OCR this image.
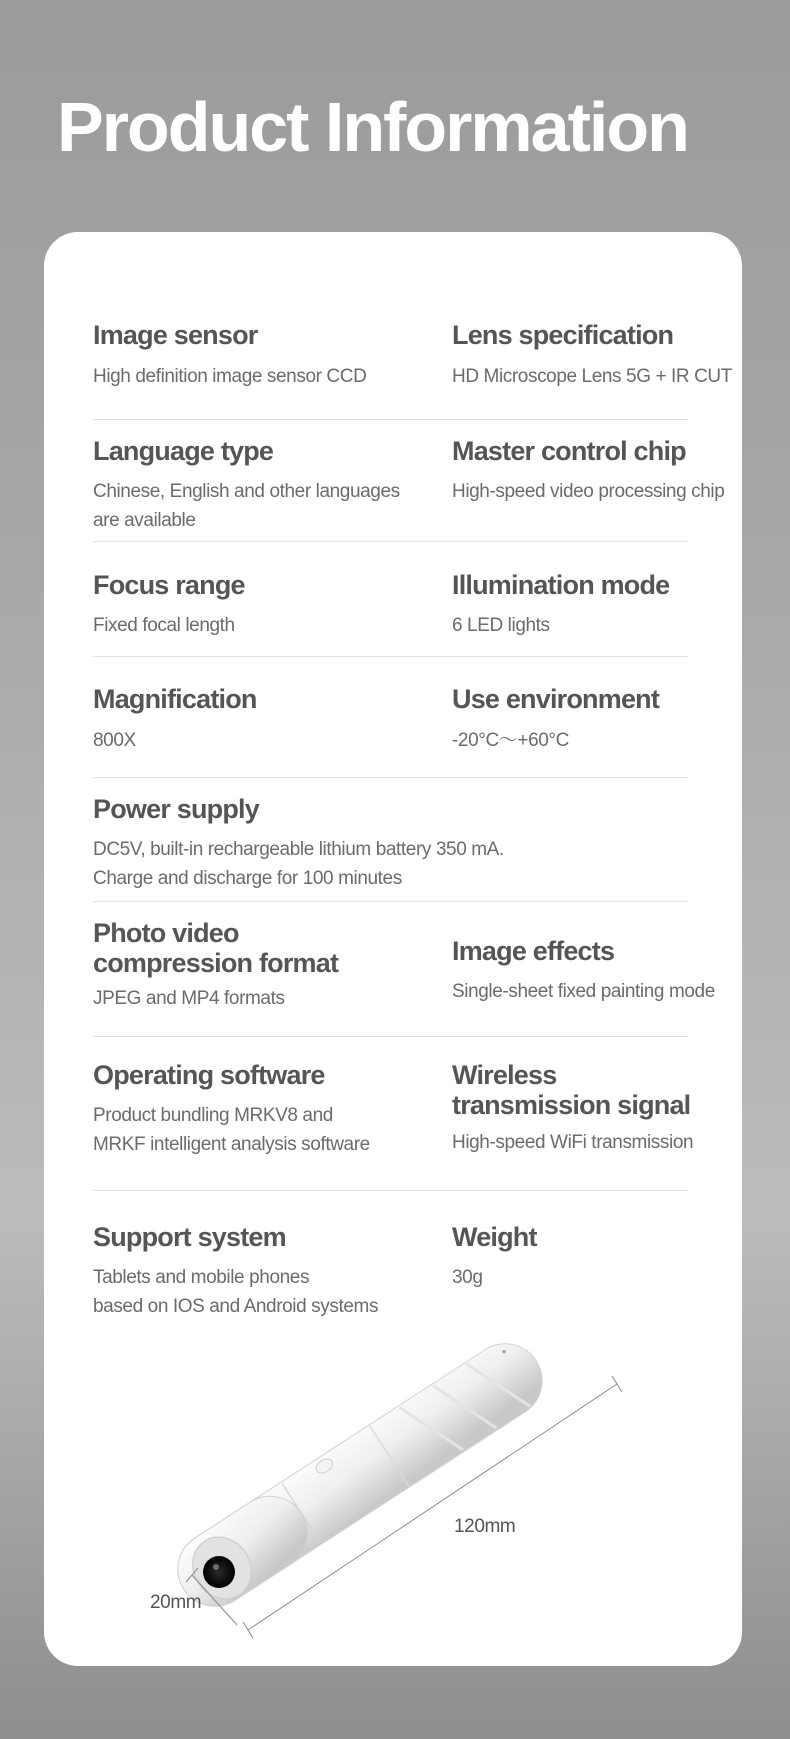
Product Information
Image sensor

High definition image sensor CCD

Lens specification

HD Microscope Lens 5G + IR CUT

Language type

Chinese, English and other languages
are available

Master control chip

High-speed video processing chip

Focus range

Fixed focal length

Illumination mode

6 LED lights

Magnification

800X

Use environment

-20°C～+60°C

Power supply

DC5V, built-in rechargeable lithium battery 350 mA.
Charge and discharge for 100 minutes

Photo video
compression format

JPEG and MP4 formats

Image effects

Single-sheet fixed painting mode

Operating software

Product bundling MRKV8 and
MRKF intelligent analysis software

Wireless
transmission signal

High-speed WiFi transmission

Support system

Tablets and mobile phones
based on IOS and Android systems

Weight

30g

120mm
20mm
